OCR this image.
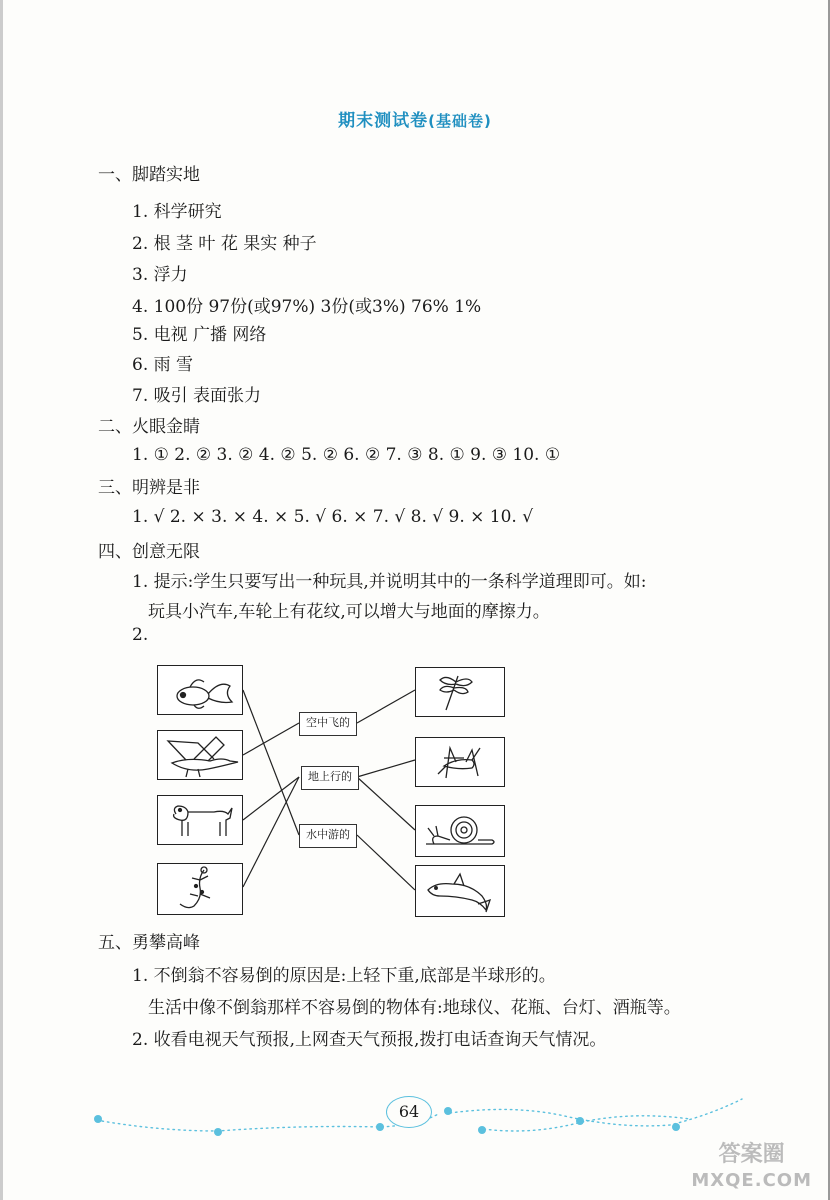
期末测试卷(基础卷)
一、脚踏实地
1. 科学研究
2. 根 茎 叶 花 果实 种子
3. 浮力
4. 100份 97份(或97%) 3份(或3%) 76% 1%
5. 电视 广播 网络
6. 雨 雪
7. 吸引 表面张力
二、火眼金睛
1. ① 2. ② 3. ② 4. ② 5. ② 6. ② 7. ③ 8. ① 9. ③ 10. ①
三、明辨是非
1. √ 2. × 3. × 4. × 5. √ 6. × 7. √ 8. √ 9. × 10. √
四、创意无限
1. 提示:学生只要写出一种玩具,并说明其中的一条科学道理即可。如:
玩具小汽车,车轮上有花纹,可以增大与地面的摩擦力。
2.
空中飞的
地上行的
水中游的
五、勇攀高峰
1. 不倒翁不容易倒的原因是:上轻下重,底部是半球形的。
生活中像不倒翁那样不容易倒的物体有:地球仪、花瓶、台灯、酒瓶等。
2. 收看电视天气预报,上网查天气预报,拨打电话查询天气情况。
64
答案圈
MXQE.COM
